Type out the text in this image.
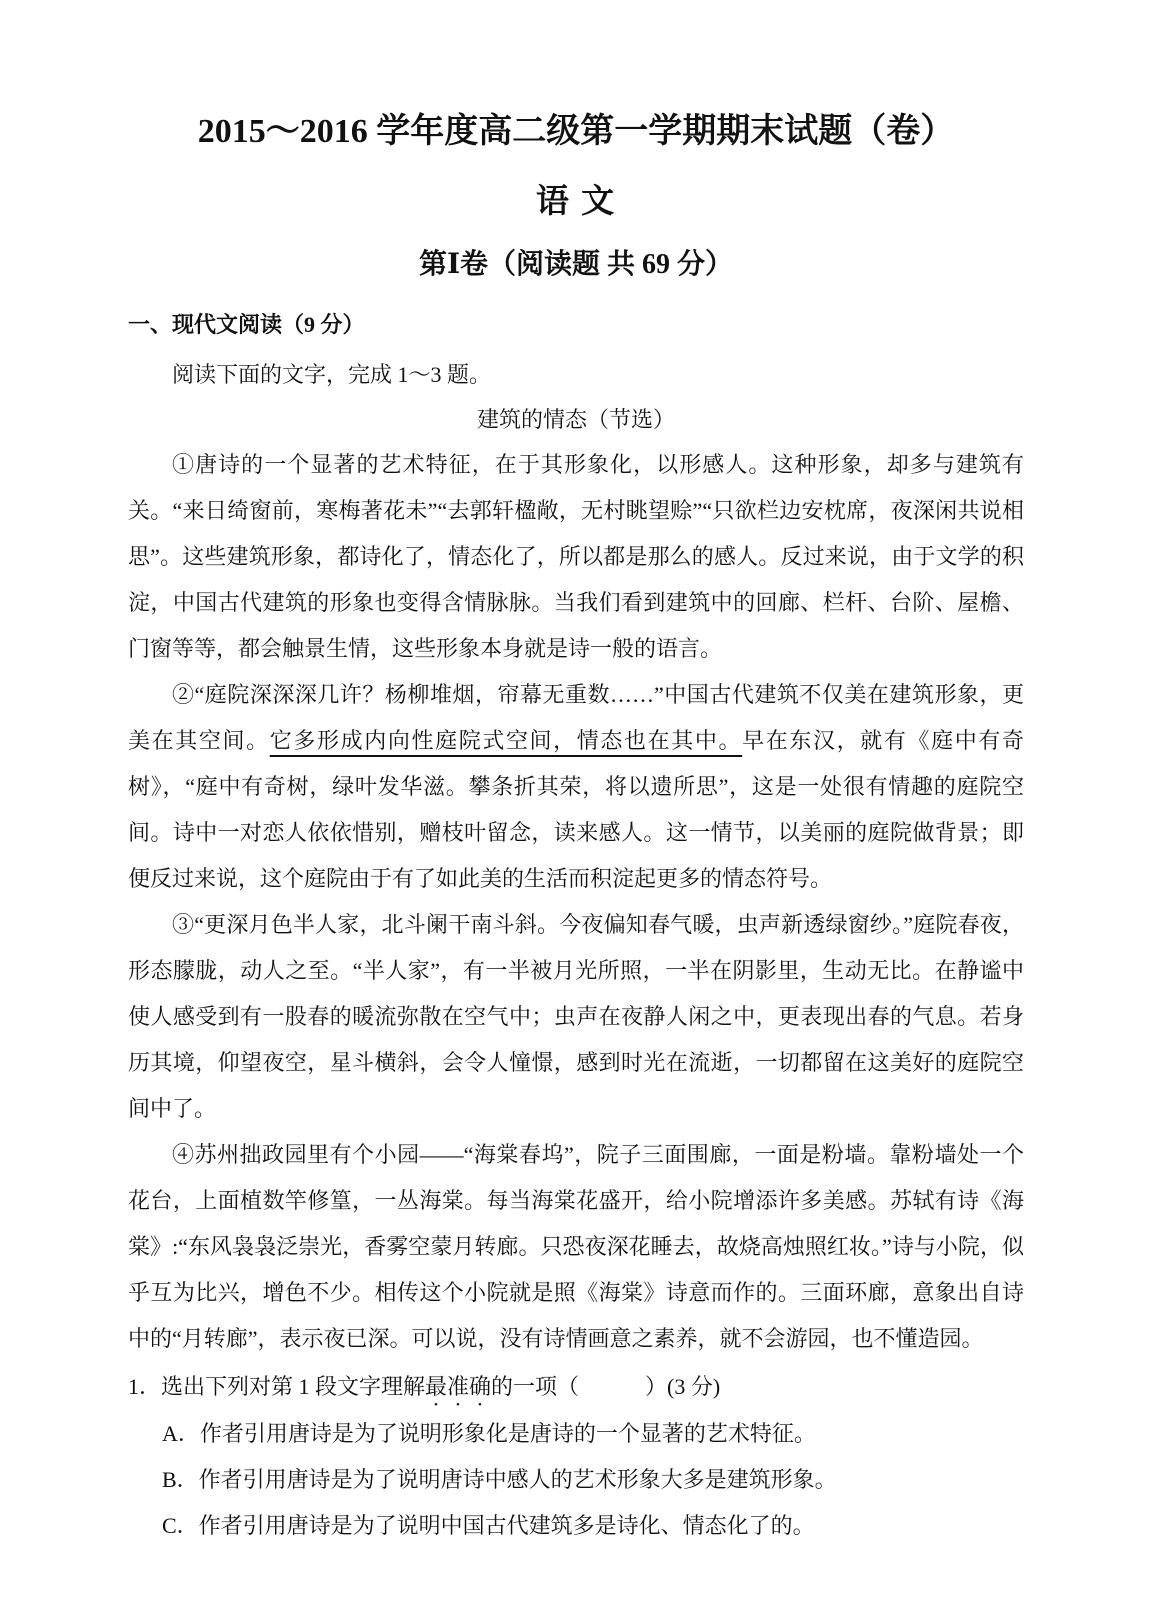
2015～2016 学年度高二级第一学期期末试题（卷）
语 文
第Ⅰ卷（阅读题 共 69 分）
一、现代文阅读（9 分）

阅读下面的文字，完成 1～3 题。

建筑的情态（节选）

①唐诗的一个显著的艺术特征，在于其形象化，以形感人。这种形象，却多与建筑有关。“来日绮窗前，寒梅著花未”“去郭轩楹敞，无村眺望赊”“只欲栏边安枕席，夜深闲共说相思”。这些建筑形象，都诗化了，情态化了，所以都是那么的感人。反过来说，由于文学的积淀，中国古代建筑的形象也变得含情脉脉。当我们看到建筑中的回廊、栏杆、台阶、屋檐、门窗等等，都会触景生情，这些形象本身就是诗一般的语言。

②“庭院深深深几许？杨柳堆烟，帘幕无重数……”中国古代建筑不仅美在建筑形象，更美在其空间。它多形成内向性庭院式空间，情态也在其中。早在东汉，就有《庭中有奇树》，“庭中有奇树，绿叶发华滋。攀条折其荣，将以遗所思”，这是一处很有情趣的庭院空间。诗中一对恋人依依惜别，赠枝叶留念，读来感人。这一情节，以美丽的庭院做背景；即便反过来说，这个庭院由于有了如此美的生活而积淀起更多的情态符号。

③“更深月色半人家，北斗阑干南斗斜。今夜偏知春气暖，虫声新透绿窗纱。”庭院春夜，形态朦胧，动人之至。“半人家”，有一半被月光所照，一半在阴影里，生动无比。在静谧中使人感受到有一股春的暖流弥散在空气中；虫声在夜静人闲之中，更表现出春的气息。若身历其境，仰望夜空，星斗横斜，会令人憧憬，感到时光在流逝，一切都留在这美好的庭院空间中了。

④苏州拙政园里有个小园——“海棠春坞”，院子三面围廊，一面是粉墙。靠粉墙处一个花台，上面植数竿修篁，一丛海棠。每当海棠花盛开，给小院增添许多美感。苏轼有诗《海棠》:“东风袅袅泛崇光，香雾空蒙月转廊。只恐夜深花睡去，故烧高烛照红妆。”诗与小院，似乎互为比兴，增色不少。相传这个小院就是照《海棠》诗意而作的。三面环廊，意象出自诗中的“月转廊”，表示夜已深。可以说，没有诗情画意之素养，就不会游园，也不懂造园。

1．选出下列对第 1 段文字理解最准确的一项（　　　）(3 分)

A．作者引用唐诗是为了说明形象化是唐诗的一个显著的艺术特征。

B．作者引用唐诗是为了说明唐诗中感人的艺术形象大多是建筑形象。

C．作者引用唐诗是为了说明中国古代建筑多是诗化、情态化了的。
